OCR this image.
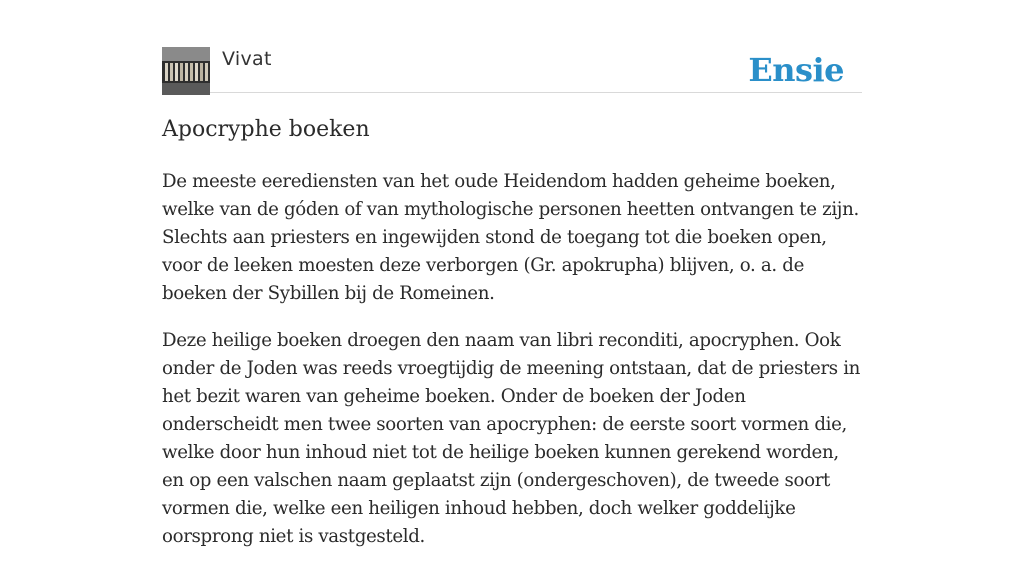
Vivat	Ensie
Apocryphe boeken

De meeste eerediensten van het oude Heidendom hadden geheime boeken, welke van de góden of van mythologische personen heetten ontvangen te zijn. Slechts aan priesters en ingewijden stond de toegang tot die boeken open, voor de leeken moesten deze verborgen (Gr. apokrupha) blijven, o. a. de boeken der Sybillen bij de Romeinen.

Deze heilige boeken droegen den naam van libri reconditi, apocryphen. Ook onder de Joden was reeds vroegtijdig de meening ontstaan, dat de priesters in het bezit waren van geheime boeken. Onder de boeken der Joden onderscheidt men twee soorten van apocryphen: de eerste soort vormen die, welke door hun inhoud niet tot de heilige boeken kunnen gerekend worden, en op een valschen naam geplaatst zijn (ondergeschoven), de tweede soort vormen die, welke een heiligen inhoud hebben, doch welker goddelijke oorsprong niet is vastgesteld.
